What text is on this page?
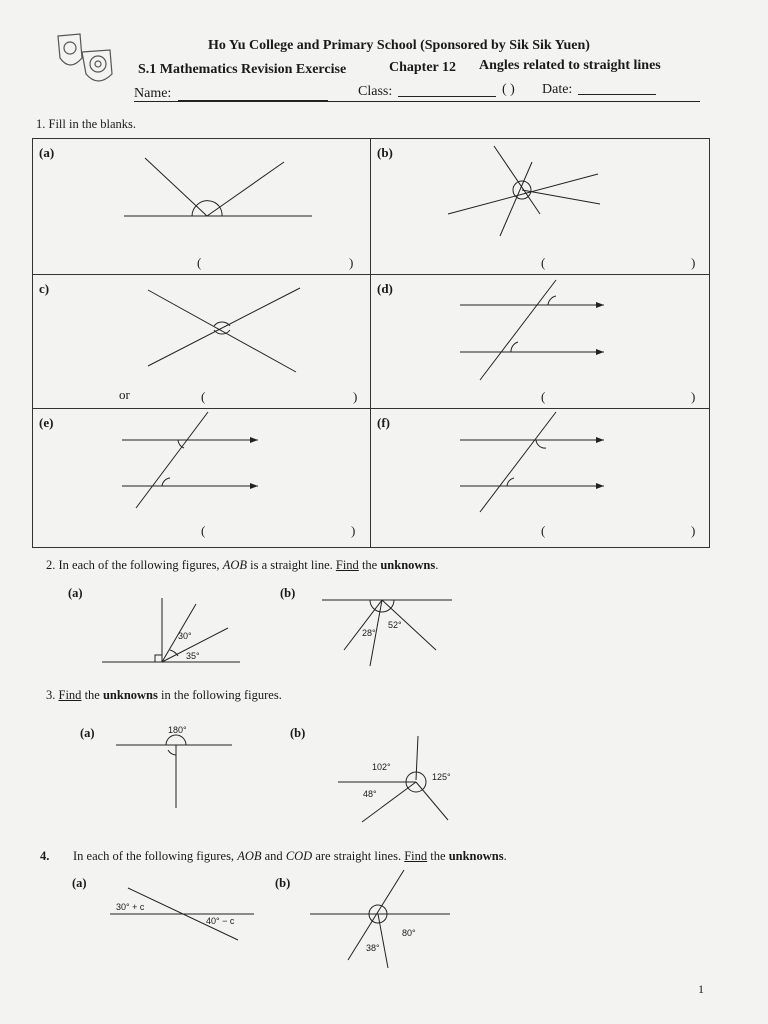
Ho Yu College and Primary School (Sponsored by Sik Sik Yuen)
S.1 Mathematics Revision Exercise	Chapter 12 Angles related to straight lines
Name:	Class:	( ) Date:
1. Fill in the blanks.
(a)
(	)
(b)
(	)
c)
or	(	)
(d)
(	)
(e)
(	)
(f)
(	)
2. In each of the following figures, AOB is a straight line. Find the unknowns.
(a)	(b)
30°
35°
28°
52°
3. Find the unknowns in the following figures.
(a)	(b)
180°
102°
125°
48°
4. In each of the following figures, AOB and COD are straight lines. Find the unknowns.
(a)	(b)
30° + c
40° − c
80°
38°
1
